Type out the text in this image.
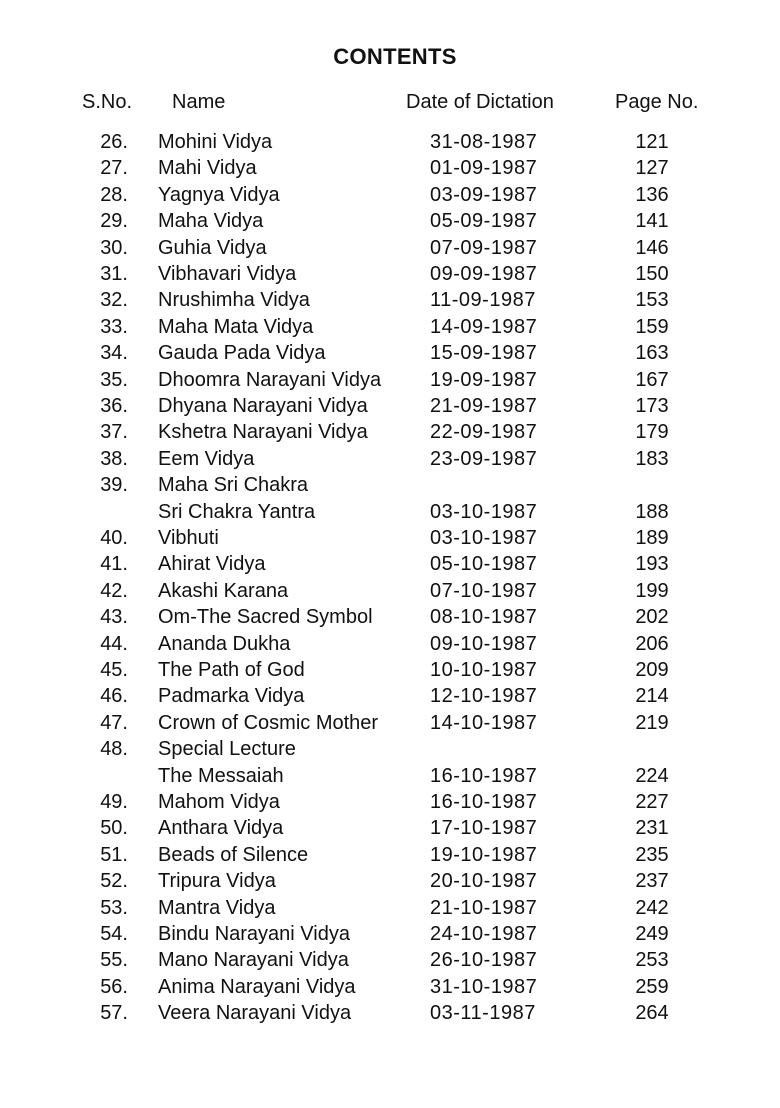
CONTENTS
S.No. Name	Date of Dictation	Page No.
26. Mohini Vidya	31-08-1987	121
27. Mahi Vidya	01-09-1987	127
28. Yagnya Vidya	03-09-1987	136
29. Maha Vidya	05-09-1987	141
30. Guhia Vidya	07-09-1987	146
31. Vibhavari Vidya	09-09-1987	150
32. Nrushimha Vidya	11-09-1987	153
33. Maha Mata Vidya	14-09-1987	159
34. Gauda Pada Vidya	15-09-1987	163
35. Dhoomra Narayani Vidya 19-09-1987	167
36. Dhyana Narayani Vidya	21-09-1987	173
37. Kshetra Narayani Vidya	22-09-1987	179
38. Eem Vidya	23-09-1987	183
39. Maha Sri Chakra
Sri Chakra Yantra	03-10-1987	188
40. Vibhuti	03-10-1987	189
41. Ahirat Vidya	05-10-1987	193
42. Akashi Karana	07-10-1987	199
43. Om-The Sacred Symbol	08-10-1987	202
44. Ananda Dukha	09-10-1987	206
45. The Path of God	10-10-1987	209
46. Padmarka Vidya	12-10-1987	214
47. Crown of Cosmic Mother	14-10-1987	219
48. Special Lecture
The Messaiah	16-10-1987	224
49. Mahom Vidya	16-10-1987	227
50. Anthara Vidya	17-10-1987	231
51. Beads of Silence	19-10-1987	235
52. Tripura Vidya	20-10-1987	237
53. Mantra Vidya	21-10-1987	242
54. Bindu Narayani Vidya	24-10-1987	249
55. Mano Narayani Vidya	26-10-1987	253
56. Anima Narayani Vidya	31-10-1987	259
57. Veera Narayani Vidya	03-11-1987	264
